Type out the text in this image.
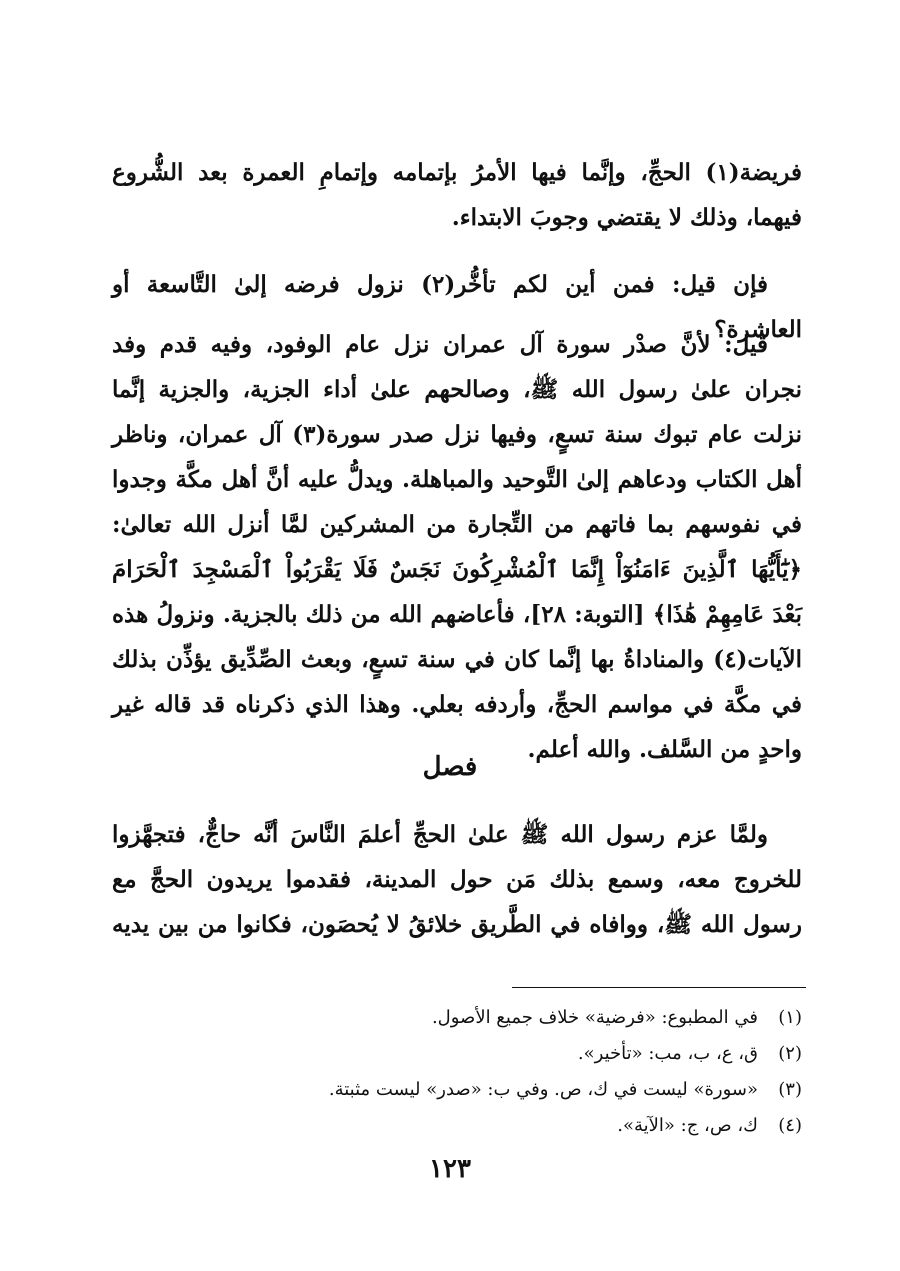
فريضة(١) الحجِّ، وإنَّما فيها الأمرُ بإتمامه وإتمامِ العمرة بعد الشُّروع فيهما، وذلك لا يقتضي وجوبَ الابتداء.

فإن قيل: فمن أين لكم تأخُّر(٢) نزول فرضه إلىٰ التَّاسعة أو العاشرة؟

قيل: لأنَّ صدْر سورة آل عمران نزل عام الوفود، وفيه قدم وفد نجران علىٰ رسول الله ﷺ، وصالحهم علىٰ أداء الجزية، والجزية إنَّما نزلت عام تبوك سنة تسعٍ، وفيها نزل صدر سورة(٣) آل عمران، وناظر أهل الكتاب ودعاهم إلىٰ التَّوحيد والمباهلة. ويدلُّ عليه أنَّ أهل مكَّة وجدوا في نفوسهم بما فاتهم من التِّجارة من المشركين لمَّا أنزل الله تعالىٰ: ﴿يَٰٓأَيُّهَا ٱلَّذِينَ ءَامَنُوٓاْ إِنَّمَا ٱلْمُشْرِكُونَ نَجَسٌ فَلَا يَقْرَبُواْ ٱلْمَسْجِدَ ٱلْحَرَامَ بَعْدَ عَامِهِمْ هَٰذَا﴾ [التوبة: ٢٨]، فأعاضهم الله من ذلك بالجزية. ونزولُ هذه الآيات(٤) والمناداةُ بها إنَّما كان في سنة تسعٍ، وبعث الصِّدِّيق يؤذِّن بذلك في مكَّة في مواسم الحجِّ، وأردفه بعلي. وهذا الذي ذكرناه قد قاله غير واحدٍ من السَّلف. والله أعلم.

فصل

ولمَّا عزم رسول الله ﷺ علىٰ الحجِّ أعلمَ النَّاسَ أنَّه حاجٌّ، فتجهَّزوا للخروج معه، وسمع بذلك مَن حول المدينة، فقدموا يريدون الحجَّ مع رسول الله ﷺ، ووافاه في الطَّريق خلائقُ لا يُحصَون، فكانوا من بين يديه

(١)في المطبوع: «فرضية» خلاف جميع الأصول.
(٢)ق، ع، ب، مب: «تأخير».
(٣)«سورة» ليست في ك، ص. وفي ب: «صدر» ليست مثبتة.
(٤)ك، ص، ج: «الآية».
١٢٣
